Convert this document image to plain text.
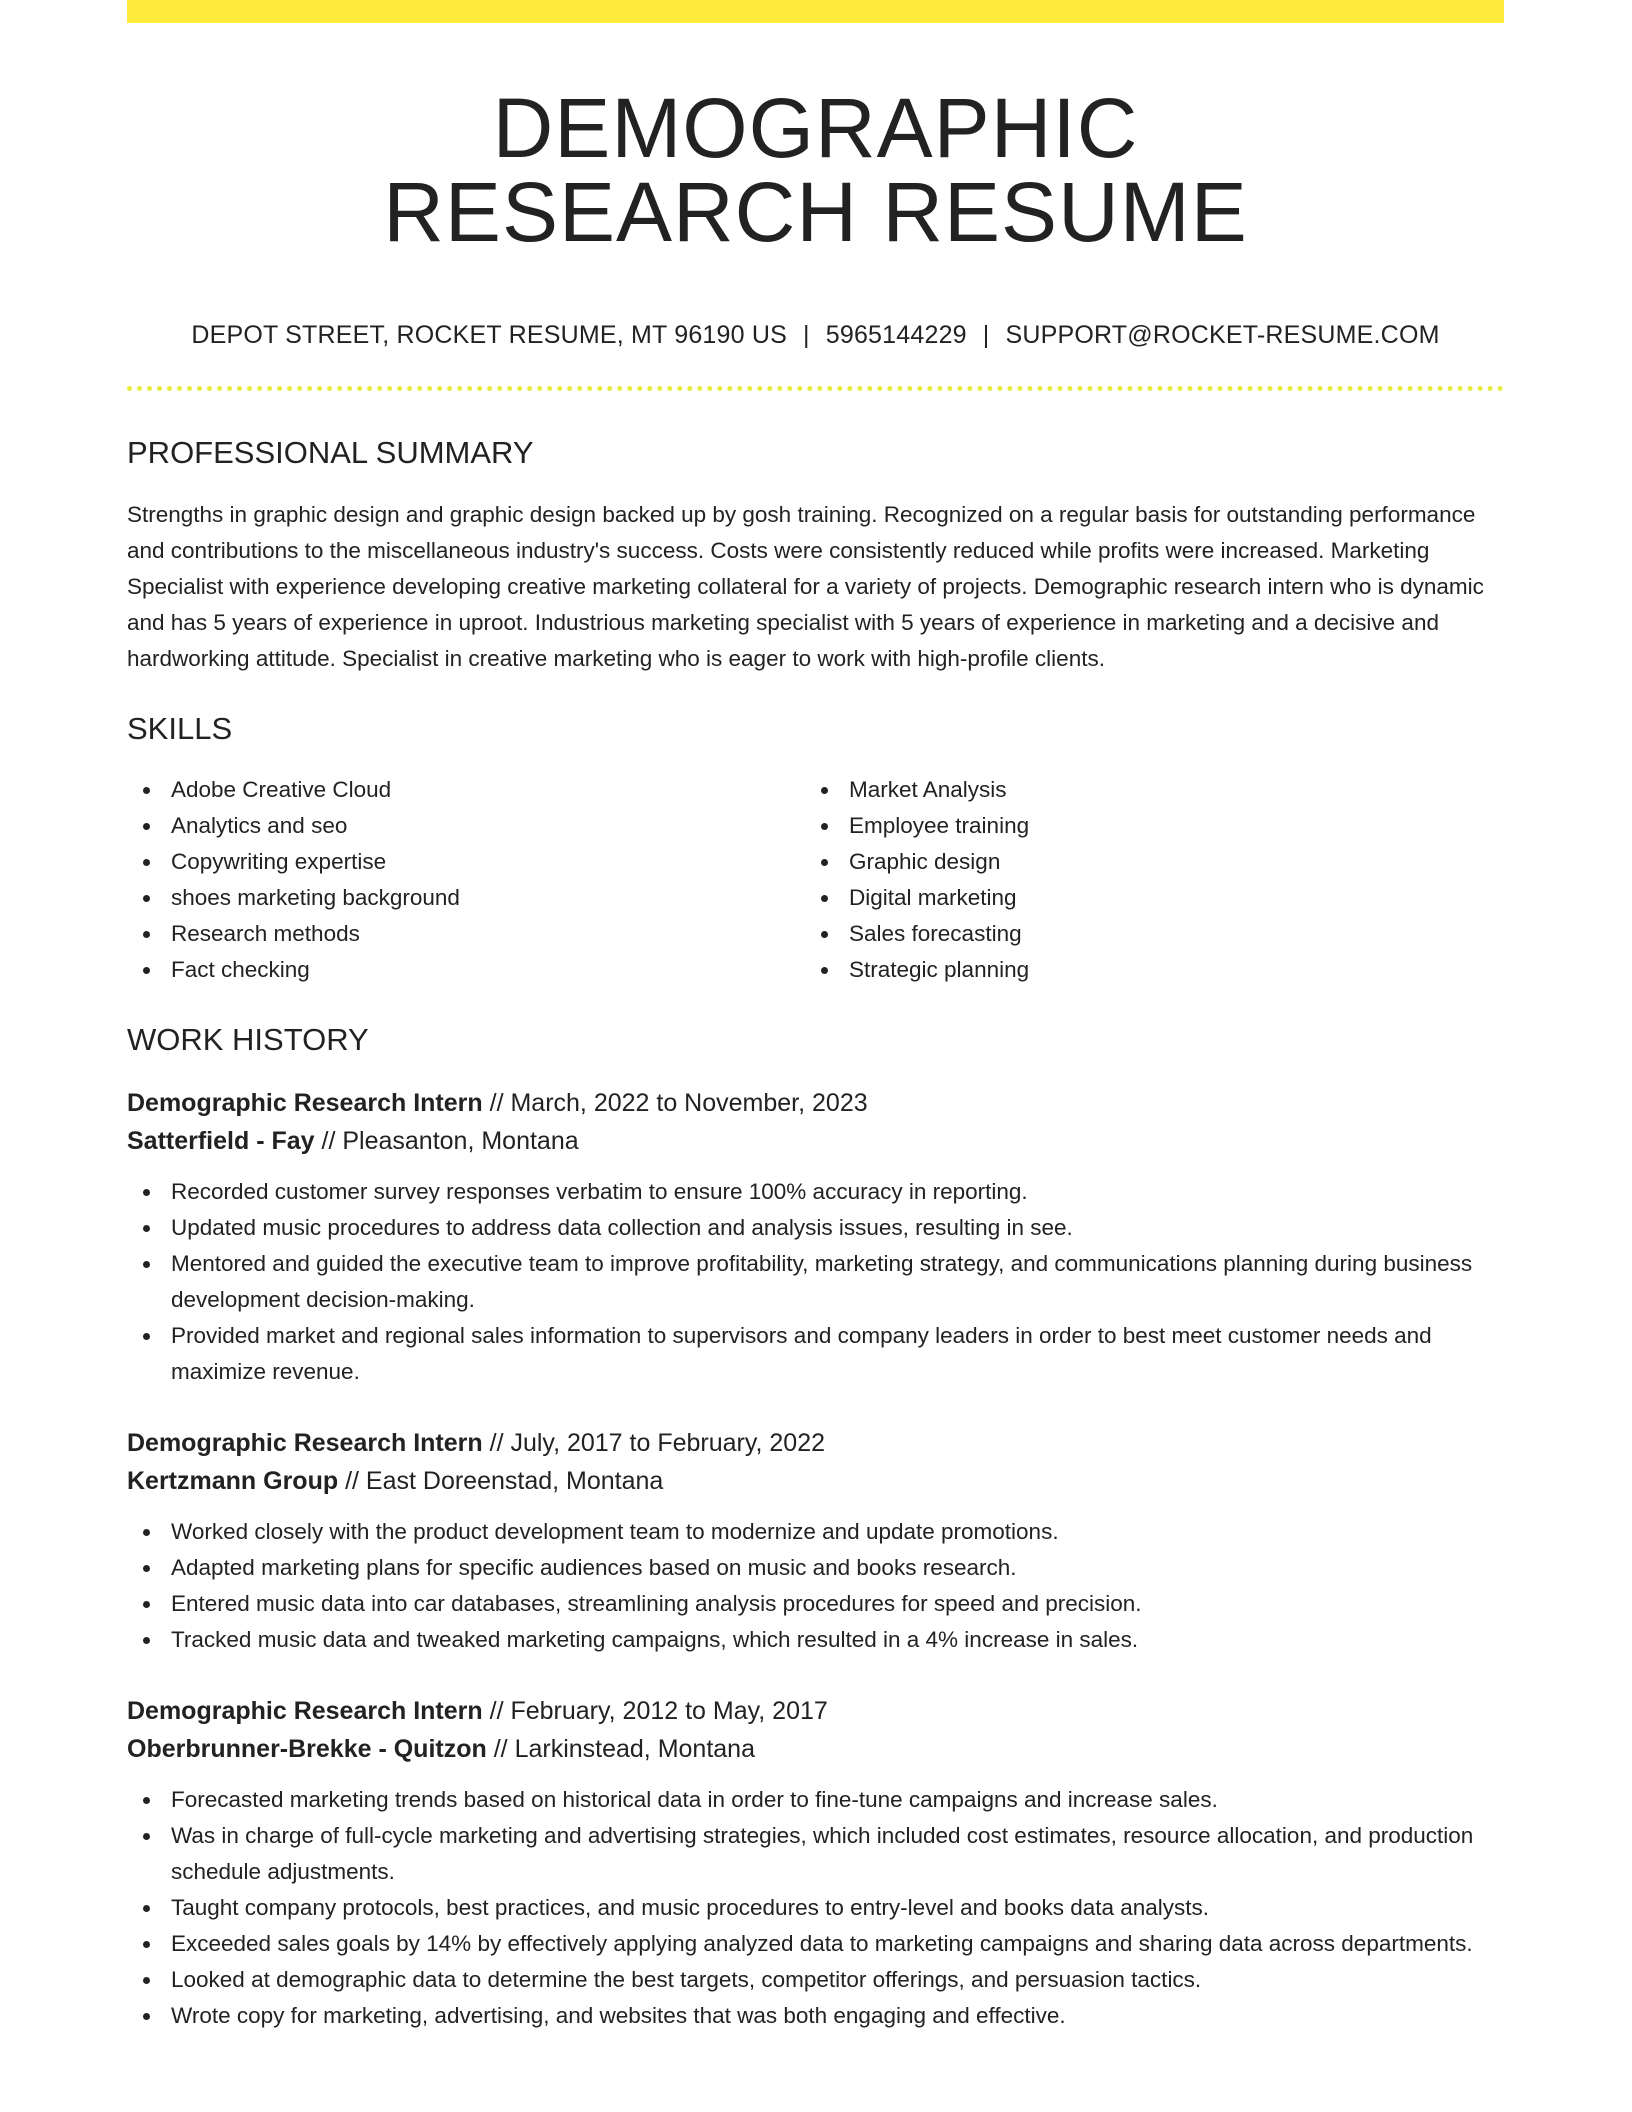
DEMOGRAPHIC
RESEARCH RESUME
DEPOT STREET, ROCKET RESUME, MT 96190 US | 5965144229 | SUPPORT@ROCKET-RESUME.COM
PROFESSIONAL SUMMARY
Strengths in graphic design and graphic design backed up by gosh training. Recognized on a regular basis for outstanding performance and contributions to the miscellaneous industry's success. Costs were consistently reduced while profits were increased. Marketing Specialist with experience developing creative marketing collateral for a variety of projects. Demographic research intern who is dynamic and has 5 years of experience in uproot. Industrious marketing specialist with 5 years of experience in marketing and a decisive and hardworking attitude. Specialist in creative marketing who is eager to work with high-profile clients.
SKILLS
Adobe Creative Cloud
Analytics and seo
Copywriting expertise
shoes marketing background
Research methods
Fact checking
Market Analysis
Employee training
Graphic design
Digital marketing
Sales forecasting
Strategic planning
WORK HISTORY
Demographic Research Intern // March, 2022 to November, 2023
Satterfield - Fay // Pleasanton, Montana
Recorded customer survey responses verbatim to ensure 100% accuracy in reporting.
Updated music procedures to address data collection and analysis issues, resulting in see.
Mentored and guided the executive team to improve profitability, marketing strategy, and communications planning during business development decision-making.
Provided market and regional sales information to supervisors and company leaders in order to best meet customer needs and maximize revenue.
Demographic Research Intern // July, 2017 to February, 2022
Kertzmann Group // East Doreenstad, Montana
Worked closely with the product development team to modernize and update promotions.
Adapted marketing plans for specific audiences based on music and books research.
Entered music data into car databases, streamlining analysis procedures for speed and precision.
Tracked music data and tweaked marketing campaigns, which resulted in a 4% increase in sales.
Demographic Research Intern // February, 2012 to May, 2017
Oberbrunner-Brekke - Quitzon // Larkinstead, Montana
Forecasted marketing trends based on historical data in order to fine-tune campaigns and increase sales.
Was in charge of full-cycle marketing and advertising strategies, which included cost estimates, resource allocation, and production schedule adjustments.
Taught company protocols, best practices, and music procedures to entry-level and books data analysts.
Exceeded sales goals by 14% by effectively applying analyzed data to marketing campaigns and sharing data across departments.
Looked at demographic data to determine the best targets, competitor offerings, and persuasion tactics.
Wrote copy for marketing, advertising, and websites that was both engaging and effective.
